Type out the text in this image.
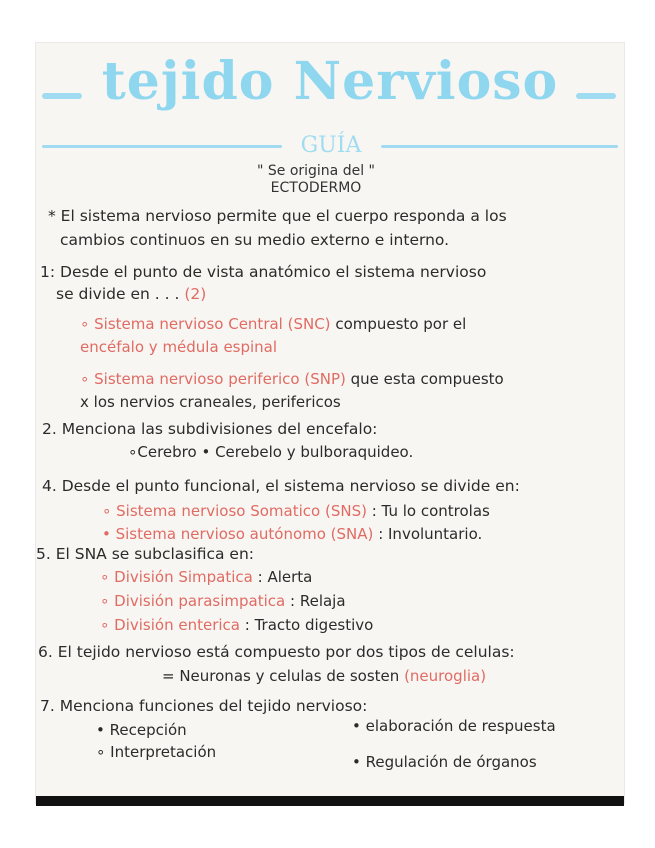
tejido Nervioso
GUÍA
" Se origina del "
ECTODERMO
* El sistema nervioso permite que el cuerpo responda a los
cambios continuos en su medio externo e interno.
1: Desde el punto de vista anatómico el sistema nervioso
se divide en . . . (2)
∘ Sistema nervioso Central (SNC) compuesto por el
encéfalo y médula espinal
∘ Sistema nervioso periferico (SNP) que esta compuesto
x los nervios craneales, perifericos
2. Menciona las subdivisiones del encefalo:
∘Cerebro • Cerebelo y bulboraquideo.
4. Desde el punto funcional, el sistema nervioso se divide en:
∘ Sistema nervioso Somatico (SNS) : Tu lo controlas
• Sistema nervioso autónomo (SNA) : Involuntario.
5. El SNA se subclasifica en:
∘ División Simpatica : Alerta
∘ División parasimpatica : Relaja
∘ División enterica : Tracto digestivo
6. El tejido nervioso está compuesto por dos tipos de celulas:
= Neuronas y celulas de sosten (neuroglia)
7. Menciona funciones del tejido nervioso:
• Recepción
∘ Interpretación
• elaboración de respuesta
• Regulación de órganos
